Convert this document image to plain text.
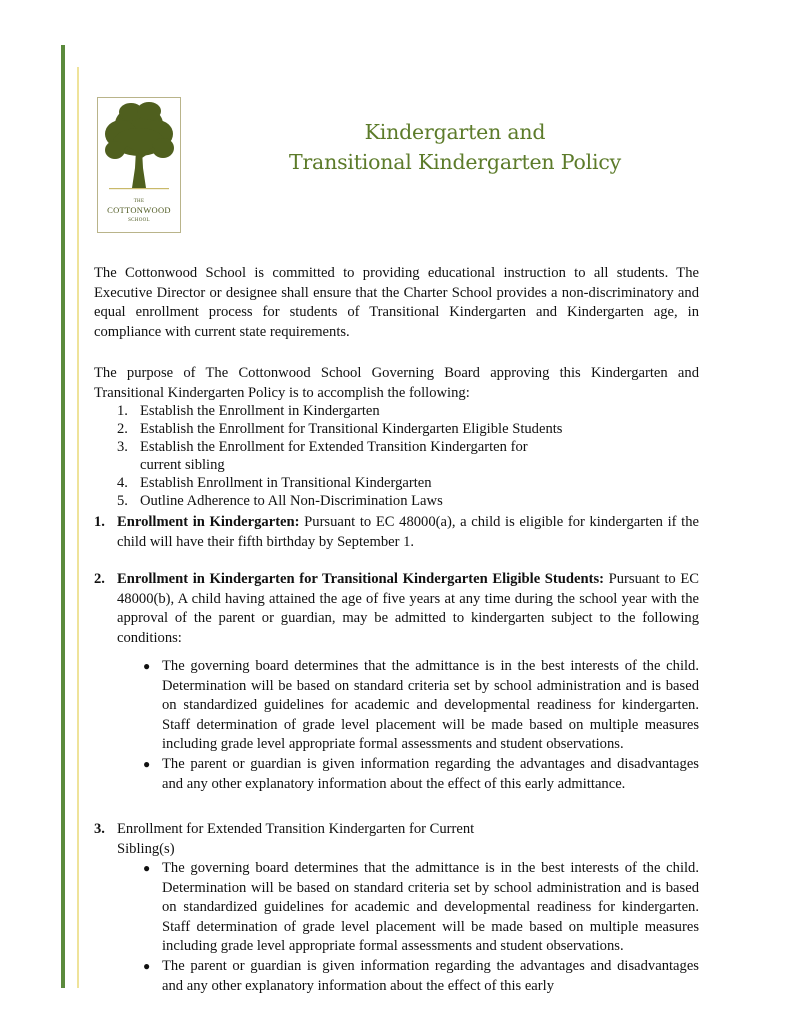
THE
COTTONWOOD
SCHOOL
Kindergarten and
Transitional Kindergarten Policy
The Cottonwood School is committed to providing educational instruction to all students. The Executive Director or designee shall ensure that the Charter School provides a non-discriminatory and equal enrollment process for students of Transitional Kindergarten and Kindergarten age, in compliance with current state requirements.
The purpose of The Cottonwood School Governing Board approving this Kindergarten and Transitional Kindergarten Policy is to accomplish the following:
1. Establish the Enrollment in Kindergarten
2. Establish the Enrollment for Transitional Kindergarten Eligible Students
3. Establish the Enrollment for Extended Transition Kindergarten for current sibling
4. Establish Enrollment in Transitional Kindergarten
5. Outline Adherence to All Non-Discrimination Laws
1. Enrollment in Kindergarten: Pursuant to EC 48000(a), a child is eligible for kindergarten if the child will have their fifth birthday by September 1.
2. Enrollment in Kindergarten for Transitional Kindergarten Eligible Students: Pursuant to EC 48000(b), A child having attained the age of five years at any time during the school year with the approval of the parent or guardian, may be admitted to kindergarten subject to the following conditions:
● The governing board determines that the admittance is in the best interests of the child. Determination will be based on standard criteria set by school administration and is based on standardized guidelines for academic and developmental readiness for kindergarten. Staff determination of grade level placement will be made based on multiple measures including grade level appropriate formal assessments and student observations.
● The parent or guardian is given information regarding the advantages and disadvantages and any other explanatory information about the effect of this early admittance.
3. Enrollment for Extended Transition Kindergarten for Current Sibling(s)
● The governing board determines that the admittance is in the best interests of the child. Determination will be based on standard criteria set by school administration and is based on standardized guidelines for academic and developmental readiness for kindergarten. Staff determination of grade level placement will be made based on multiple measures including grade level appropriate formal assessments and student observations.
● The parent or guardian is given information regarding the advantages and disadvantages and any other explanatory information about the effect of this early
